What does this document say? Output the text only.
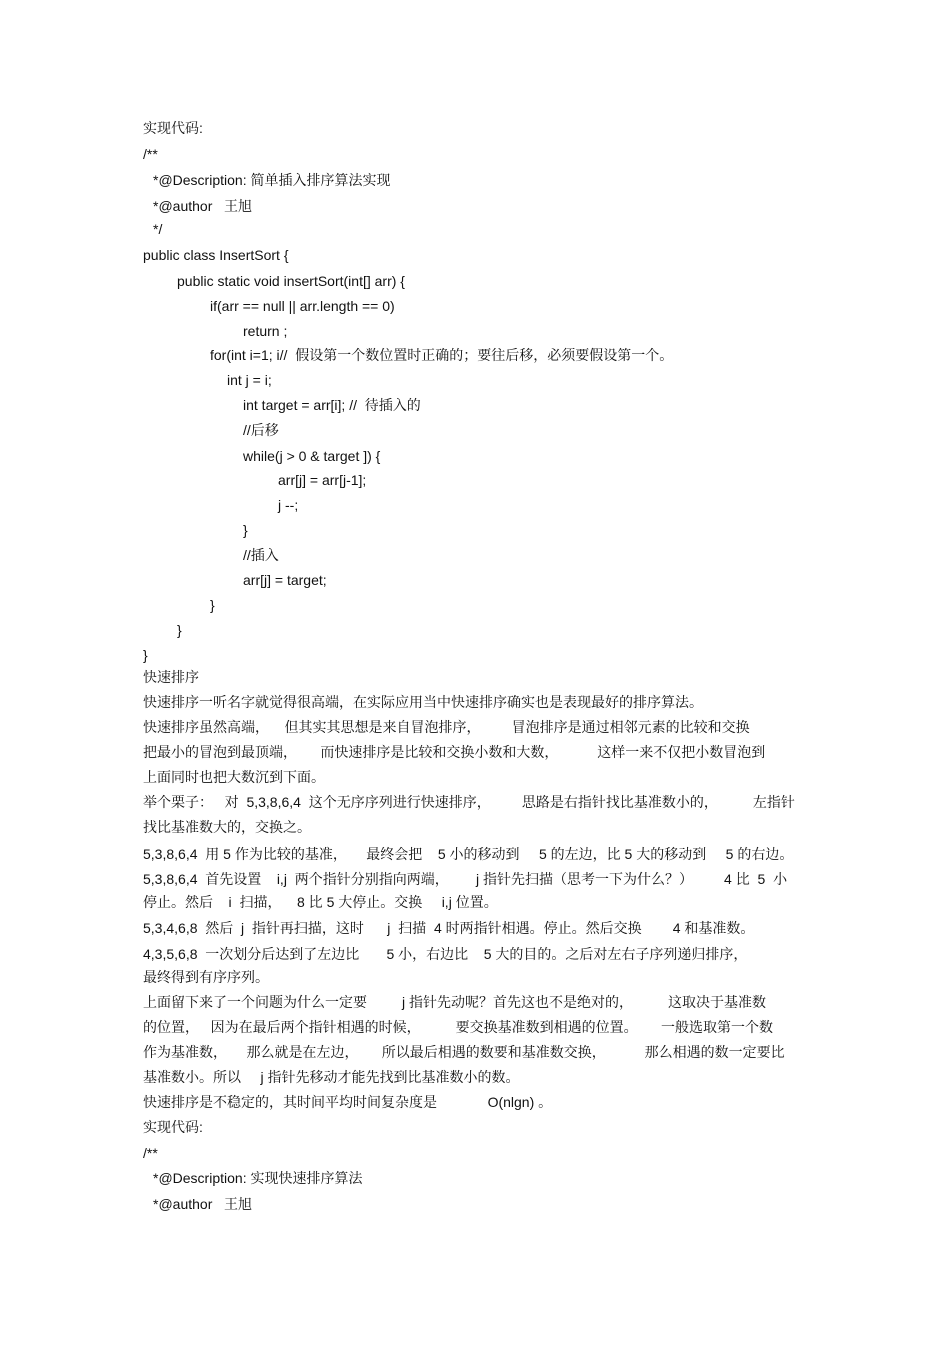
实现代码:
/**
*@Description: 简单插入排序算法实现
*@author   王旭
*/
public class InsertSort {
public static void insertSort(int[] arr) {
if(arr == null || arr.length == 0)
return ;
for(int i=1; i//  假设第一个数位置时正确的；要往后移，必须要假设第一个。
int j = i;
int target = arr[i]; //  待插入的
//后移
while(j > 0 & target ]) {
arr[j] = arr[j-1];
j --;
}
//插入
arr[j] = target;
}
}
}
快速排序
快速排序一听名字就觉得很高端，在实际应用当中快速排序确实也是表现最好的排序算法。
快速排序虽然高端，    但其实其思想是来自冒泡排序，        冒泡排序是通过相邻元素的比较和交换
把最小的冒泡到最顶端，      而快速排序是比较和交换小数和大数，          这样一来不仅把小数冒泡到
上面同时也把大数沉到下面。
举个栗子：   对  5,3,8,6,4  这个无序序列进行快速排序，        思路是右指针找比基准数小的，         左指针
找比基准数大的，交换之。
5,3,8,6,4  用 5 作为比较的基准，     最终会把    5 小的移动到     5 的左边，比 5 大的移动到     5 的右边。
5,3,8,6,4  首先设置    i,j  两个指针分别指向两端，       j 指针先扫描（思考一下为什么？）        4 比  5  小
停止。然后    i  扫描，    8 比 5 大停止。交换     i,j 位置。
5,3,4,6,8  然后  j  指针再扫描，这时      j  扫描  4 时两指针相遇。停止。然后交换        4 和基准数。
4,3,5,6,8  一次划分后达到了左边比       5 小，右边比    5 大的目的。之后对左右子序列递归排序，
最终得到有序序列。
上面留下来了一个问题为什么一定要         j 指针先动呢？首先这也不是绝对的，         这取决于基准数
的位置，   因为在最后两个指针相遇的时候，         要交换基准数到相遇的位置。      一般选取第一个数
作为基准数，     那么就是在左边，      所以最后相遇的数要和基准数交换，          那么相遇的数一定要比
基准数小。所以     j 指针先移动才能先找到比基准数小的数。
快速排序是不稳定的，其时间平均时间复杂度是             O(nlgn) 。
实现代码:
/**
*@Description: 实现快速排序算法
*@author   王旭
